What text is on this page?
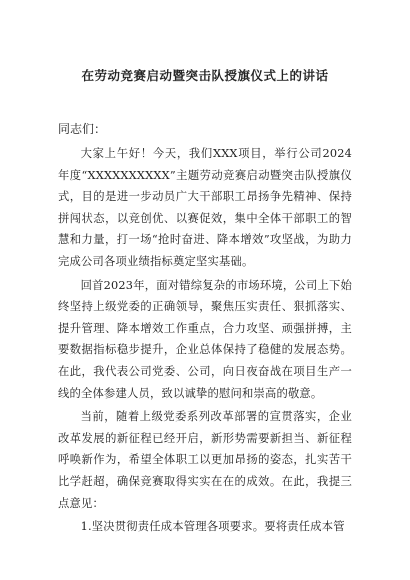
在劳动竞赛启动暨突击队授旗仪式上的讲话
同志们：

大家上午好！今天，我们XXX项目，举行公司2024年度“XXXXXXXXXX”主题劳动竞赛启动暨突击队授旗仪式，目的是进一步动员广大干部职工昂扬争先精神、保持拼闯状态，以竞创优、以赛促效，集中全体干部职工的智慧和力量，打一场“抢时奋进、降本增效”攻坚战，为助力完成公司各项业绩指标奠定坚实基础。

回首2023年，面对错综复杂的市场环境，公司上下始终坚持上级党委的正确领导，聚焦压实责任、狠抓落实、提升管理、降本增效工作重点，合力攻坚、顽强拼搏，主要数据指标稳步提升，企业总体保持了稳健的发展态势。在此，我代表公司党委、公司，向日夜奋战在项目生产一线的全体参建人员，致以诚挚的慰问和崇高的敬意。

当前，随着上级党委系列改革部署的宣贯落实，企业改革发展的新征程已经开启，新形势需要新担当、新征程呼唤新作为，希望全体职工以更加昂扬的姿态，扎实苦干比学赶超，确保竞赛取得实实在在的成效。在此，我提三点意见：

1.坚决贯彻责任成本管理各项要求。要将责任成本管
